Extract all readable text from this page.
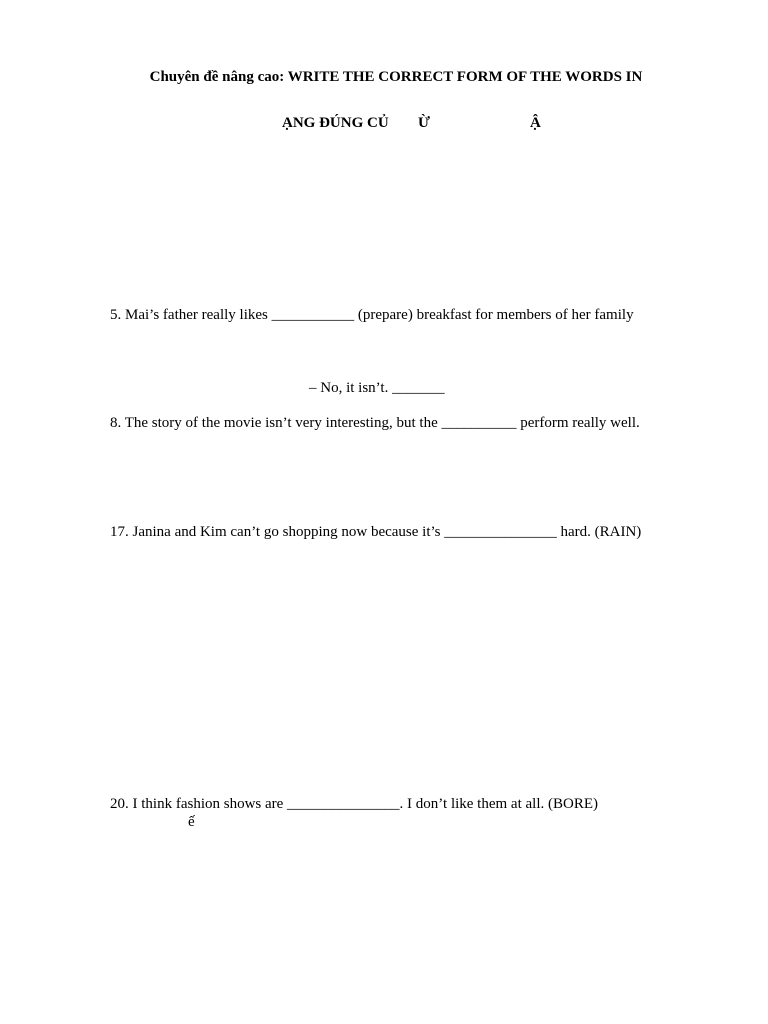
Chuyên đề nâng cao: WRITE THE CORRECT FORM OF THE WORDS IN
ẠNG ĐÚNG CỦ Ừ	Ậ
5. Mai’s father really likes ___________ (prepare) breakfast for members of her family
– No, it isn’t. _______
8. The story of the movie isn’t very interesting, but the __________ perform really well.
17. Janina and Kim can’t go shopping now because it’s _______________ hard. (RAIN)
20. I think fashion shows are _______________. I don’t like them at all. (BORE)
ế
